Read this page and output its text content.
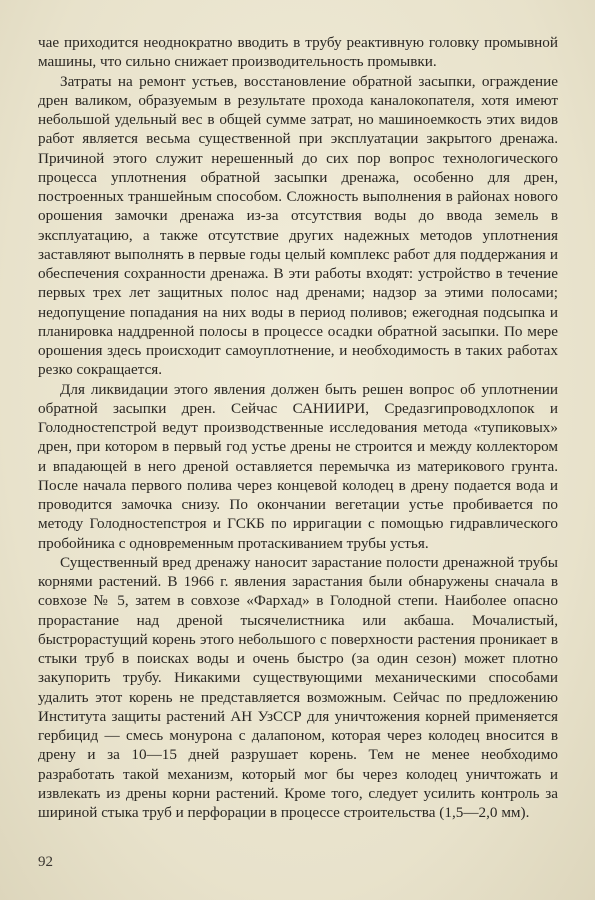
чае приходится неоднократно вводить в трубу реактивную головку промывной машины, что сильно снижает производительность промывки.

Затраты на ремонт устьев, восстановление обратной засыпки, ограждение дрен валиком, образуемым в результате прохода каналокопателя, хотя имеют небольшой удельный вес в общей сумме затрат, но машиноемкость этих видов работ является весьма существенной при эксплуатации закрытого дренажа. Причиной этого служит нерешенный до сих пор вопрос технологического процесса уплотнения обратной засыпки дренажа, особенно для дрен, построенных траншейным способом. Сложность выполнения в районах нового орошения замочки дренажа из-за отсутствия воды до ввода земель в эксплуатацию, а также отсутствие других надежных методов уплотнения заставляют выполнять в первые годы целый комплекс работ для поддержания и обеспечения сохранности дренажа. В эти работы входят: устройство в течение первых трех лет защитных полос над дренами; надзор за этими полосами; недопущение попадания на них воды в период поливов; ежегодная подсыпка и планировка наддренной полосы в процессе осадки обратной засыпки. По мере орошения здесь происходит самоуплотнение, и необходимость в таких работах резко сокращается.

Для ликвидации этого явления должен быть решен вопрос об уплотнении обратной засыпки дрен. Сейчас САНИИРИ, Средазгипроводхлопок и Голодностепстрой ведут производственные исследования метода «тупиковых» дрен, при котором в первый год устье дрены не строится и между коллектором и впадающей в него дреной оставляется перемычка из материкового грунта. После начала первого полива через концевой колодец в дрену подается вода и проводится замочка снизу. По окончании вегетации устье пробивается по методу Голодностепстроя и ГСКБ по ирригации с помощью гидравлического пробойника с одновременным протаскиванием трубы устья.

Существенный вред дренажу наносит зарастание полости дренажной трубы корнями растений. В 1966 г. явления зарастания были обнаружены сначала в совхозе № 5, затем в совхозе «Фархад» в Голодной степи. Наиболее опасно прорастание над дреной тысячелистника или акбаша. Мочалистый, быстрорастущий корень этого небольшого с поверхности растения проникает в стыки труб в поисках воды и очень быстро (за один сезон) может плотно закупорить трубу. Никакими существующими механическими способами удалить этот корень не представляется возможным. Сейчас по предложению Института защиты растений АН УзССР для уничтожения корней применяется гербицид — смесь монурона с далапоном, которая через колодец вносится в дрену и за 10—15 дней разрушает корень. Тем не менее необходимо разработать такой механизм, который мог бы через колодец уничтожать и извлекать из дрены корни растений. Кроме того, следует усилить контроль за шириной стыка труб и перфорации в процессе строительства (1,5—2,0 мм).

92
